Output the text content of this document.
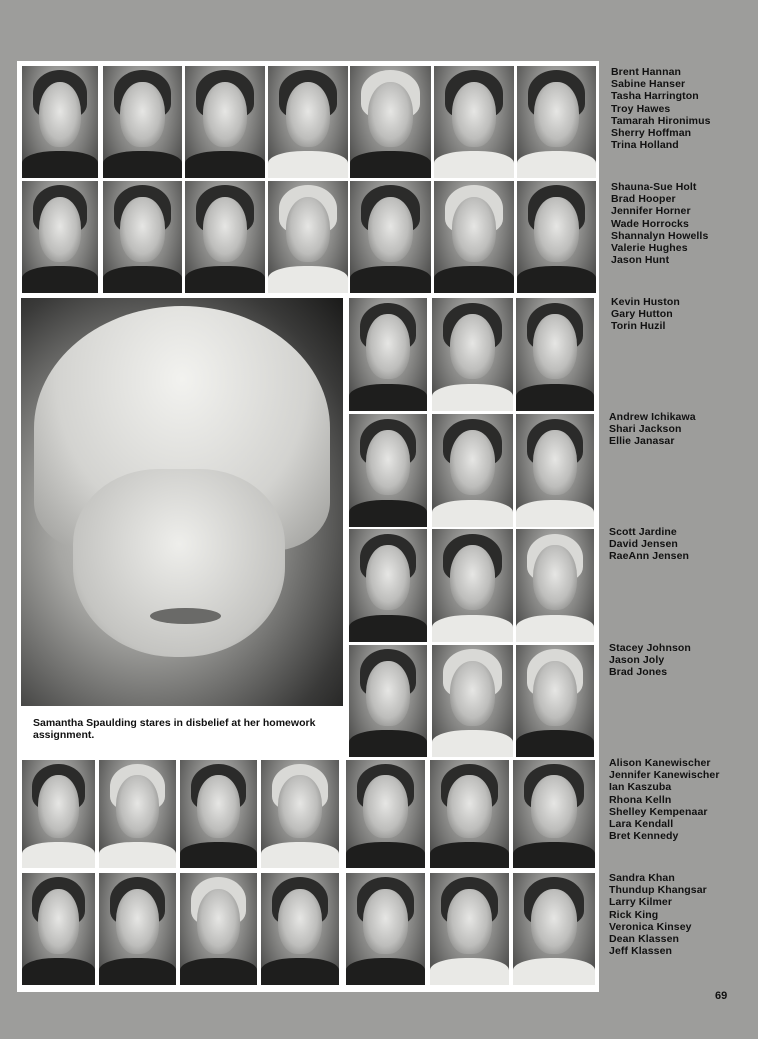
Samantha Spaulding stares in disbelief at her homework assignment.
Brent Hannan
Sabine Hanser
Tasha Harrington
Troy Hawes
Tamarah Hironimus
Sherry Hoffman
Trina Holland
Shauna-Sue Holt
Brad Hooper
Jennifer Horner
Wade Horrocks
Shannalyn Howells
Valerie Hughes
Jason Hunt
Kevin Huston
Gary Hutton
Torin Huzil
Andrew Ichikawa
Shari Jackson
Ellie Janasar
Scott Jardine
David Jensen
RaeAnn Jensen
Stacey Johnson
Jason Joly
Brad Jones
Alison Kanewischer
Jennifer Kanewischer
Ian Kaszuba
Rhona Kelln
Shelley Kempenaar
Lara Kendall
Bret Kennedy
Sandra Khan
Thundup Khangsar
Larry Kilmer
Rick King
Veronica Kinsey
Dean Klassen
Jeff Klassen
69
